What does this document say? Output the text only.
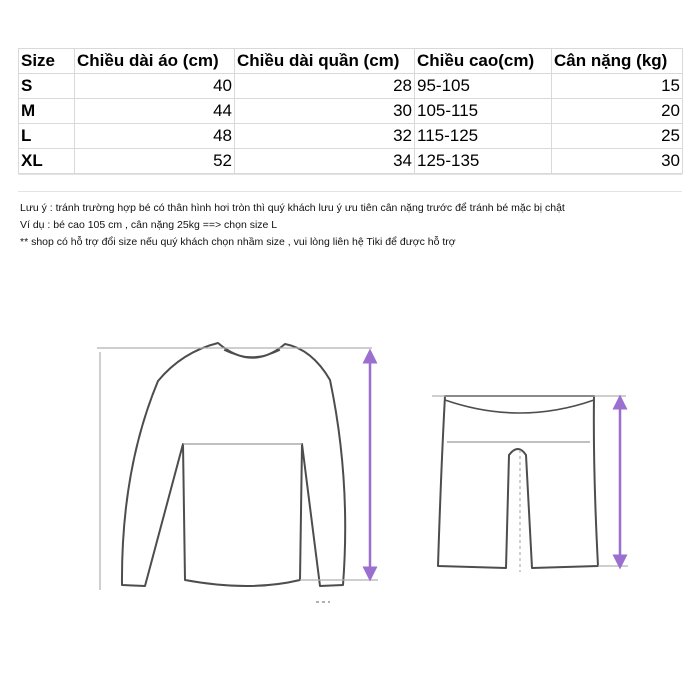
Size	Chiều dài áo (cm)	Chiều dài quần (cm)	Chiều cao(cm)	Cân nặng (kg)
S	40	28	95-105	15
M	44	30	105-115	20
L	48	32	115-125	25
XL	52	34	125-135	30
Lưu ý : tránh trường hợp bé có thân hình hơi tròn thì quý khách lưu ý ưu tiên cân nặng trước để tránh bé mặc bị chật
Ví dụ : bé cao 105 cm , cân nặng 25kg ==> chọn size L
** shop có hỗ trợ đổi size nếu quý khách chọn nhầm size , vui lòng liên hệ Tiki để được hỗ trợ
